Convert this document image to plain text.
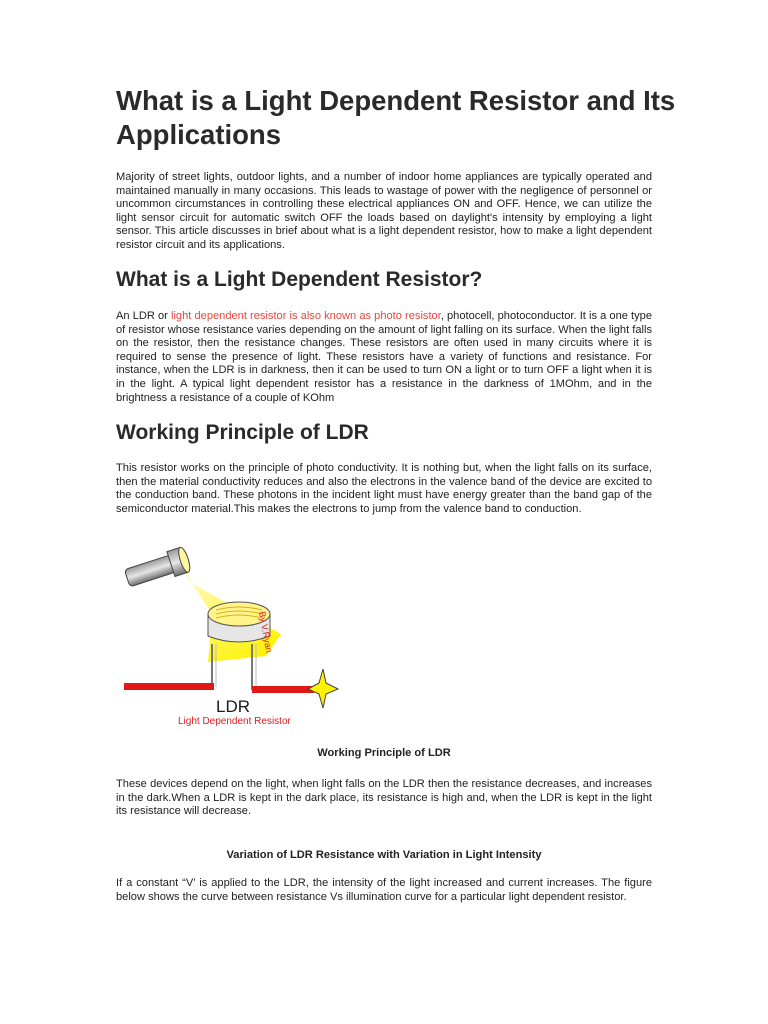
What is a Light Dependent Resistor and Its Applications

Majority of street lights, outdoor lights, and a number of indoor home appliances are typically operated and maintained manually in many occasions. This leads to wastage of power with the negligence of personnel or uncommon circumstances in controlling these electrical appliances ON and OFF. Hence, we can utilize the light sensor circuit for automatic switch OFF the loads based on daylight's intensity by employing a light sensor. This article discusses in brief about what is a light dependent resistor, how to make a light dependent resistor circuit and its applications.

What is a Light Dependent Resistor?

An LDR or light dependent resistor is also known as photo resistor, photocell, photoconductor. It is a one type of resistor whose resistance varies depending on the amount of light falling on its surface. When the light falls on the resistor, then the resistance changes. These resistors are often used in many circuits where it is required to sense the presence of light. These resistors have a variety of functions and resistance. For instance, when the LDR is in darkness, then it can be used to turn ON a light or to turn OFF a light when it is in the light. A typical light dependent resistor has a resistance in the darkness of 1MOhm, and in the brightness a resistance of a couple of KOhm

Working Principle of LDR

This resistor works on the principle of photo conductivity. It is nothing but, when the light falls on its surface, then the material conductivity reduces and also the electrons in the valence band of the device are excited to the conduction band. These photons in the incident light must have energy greater than the band gap of the semiconductor material.This makes the electrons to jump from the valence band to conduction.

Working Principle of LDR

These devices depend on the light, when light falls on the LDR then the resistance decreases, and increases in the dark.When a LDR is kept in the dark place, its resistance is high and, when the LDR is kept in the light its resistance will decrease.

Variation of LDR Resistance with Variation in Light Intensity

If a constant “V’ is applied to the LDR, the intensity of the light increased and current increases. The figure below shows the curve between resistance Vs illumination curve for a particular light dependent resistor.

By V.Ryan
LDR
Light Dependent Resistor
